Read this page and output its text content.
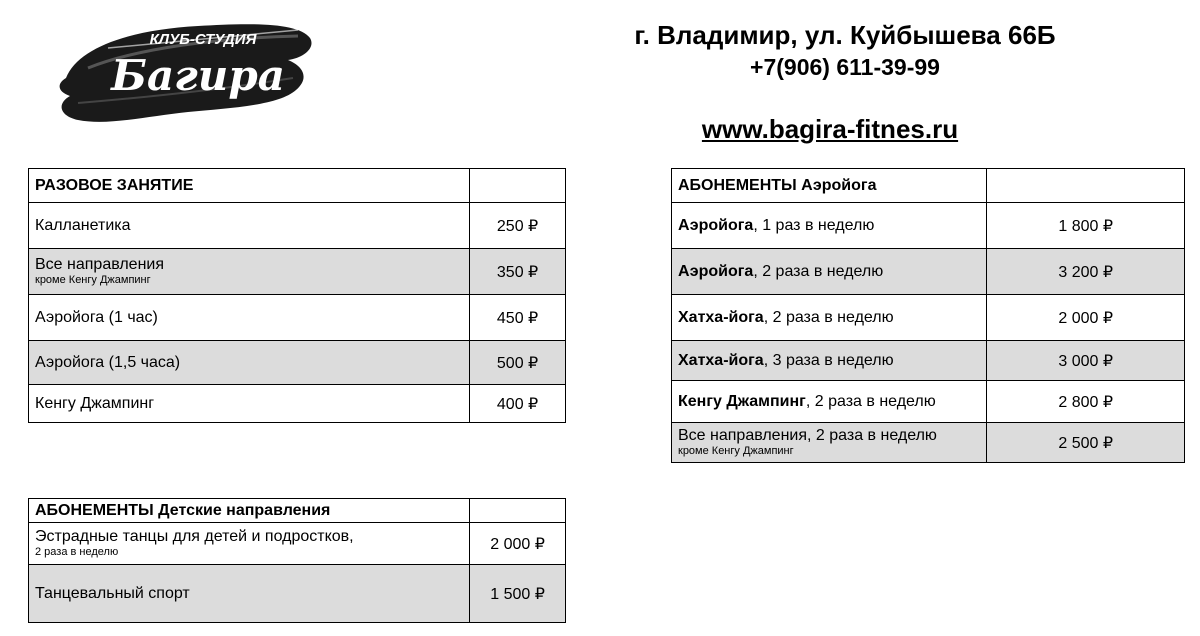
КЛУБ-СТУДИЯ
Багира
г. Владимир, ул. Куйбышева 66Б
+7(906) 611-39-99
www.bagira-fitnes.ru
РАЗОВОЕ ЗАНЯТИЕ	

Калланетика	250 ₽

Все направления
кроме Кенгу Джампинг	350 ₽

Аэройога (1 час)	450 ₽

Аэройога (1,5 часа)	500 ₽

Кенгу Джампинг	400 ₽
АБОНЕМЕНТЫ Аэройога	
Аэройога, 1 раз в неделю	1 800 ₽
Аэройога, 2 раза в неделю	3 200 ₽
Хатха-йога, 2 раза в неделю	2 000 ₽
Хатха-йога, 3 раза в неделю	3 000 ₽
Кенгу Джампинг, 2 раза в неделю	2 800 ₽

Все направления, 2 раза в неделю
кроме Кенгу Джампинг	2 500 ₽
АБОНЕМЕНТЫ Детские направления	

Эстрадные танцы для детей и подростков,
2 раза в неделю	2 000 ₽

Танцевальный спорт	1 500 ₽
